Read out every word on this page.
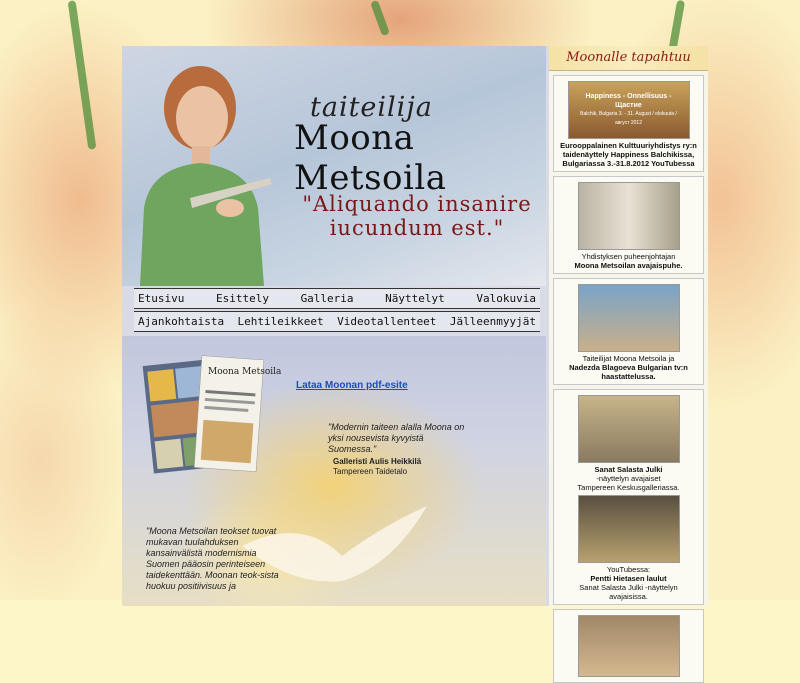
taiteilija
Moona Metsoila
"Aliquando insanire iucundum est."
Etusivu	Esittely	Galleria	Näyttelyt	Valokuvia
Ajankohtaista Lehtileikkeet Videotallenteet Jälleenmyyjät
Moona Metsoila
Lataa Moonan pdf-esite
"Modernin taiteen alalla Moona on yksi nousevista kyvyistä Suomessa."
Galleristi Aulis Heikkilä
Tampereen Taidetalo
"Moona Metsoilan teokset tuovat mukavan tuulahduksen kansainvälistä modernismia Suomen pääosin perinteiseen taidekenttään. Moonan teok-sista huokuu positiivisuus ja
Moonalle tapahtuu
Happiness - Onnellisuus - Щастие
Balchik, Bulgaria 3. - 31. August / elokuuta / август 2012
Eurooppalainen Kulttuuriyhdistys ry:n taidenäyttely Happiness Balchikissa, Bulgariassa 3.-31.8.2012 YouTubessa
Yhdistyksen puheenjohtajan
Moona Metsoilan avajaispuhe.
Taiteilijat Moona Metsoila ja
Nadezda Blagoeva Bulgarian tv:n haastattelussa.
Sanat Salasta Julki
-näyttelyn avajaiset
Tampereen Keskusgalleriassa.
YouTubessa:
Pentti Hietasen laulut
Sanat Salasta Julki -näyttelyn avajaisissa.
